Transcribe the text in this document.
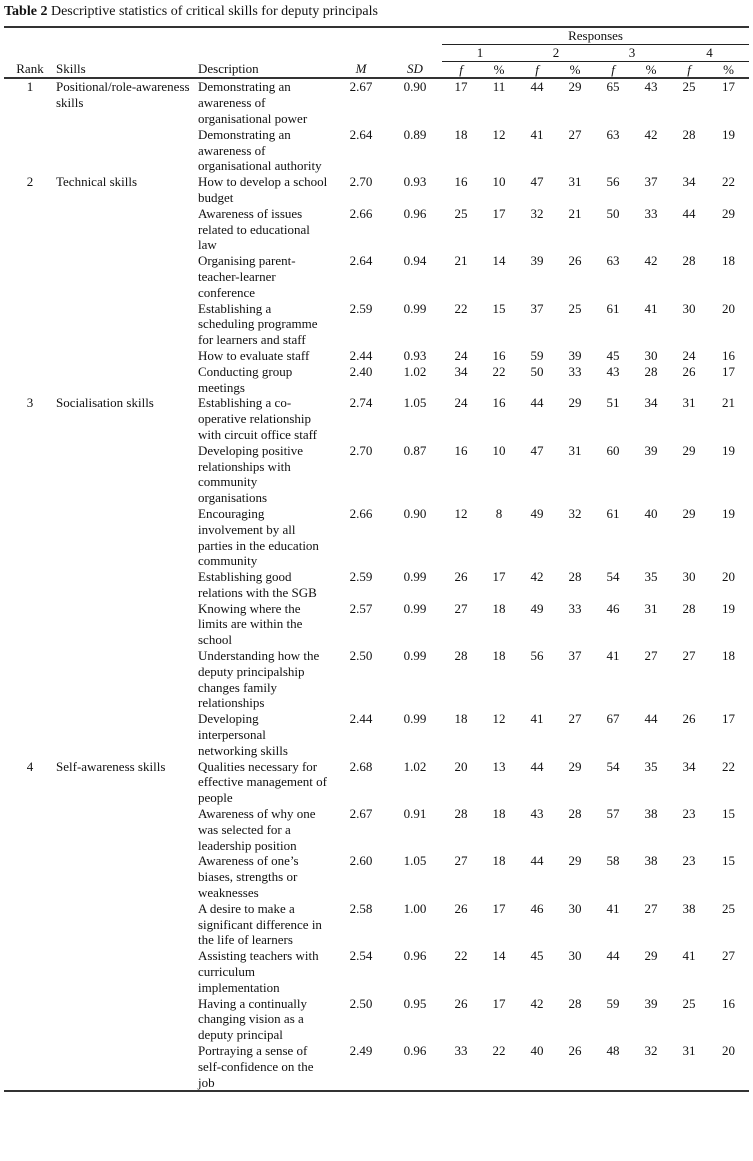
Table 2 Descriptive statistics of critical skills for deputy principals
					Responses							
					1		2		3		4	
Rank	Skills	Description	M	SD	f	%	f	%	f	%	f	%
1	Positional/role-awareness skills	Demonstrating an awareness of organisational power	2.67	0.90	17	11	44	29	65	43	25	17
		Demonstrating an awareness of organisational authority	2.64	0.89	18	12	41	27	63	42	28	19
2	Technical skills	How to develop a school budget	2.70	0.93	16	10	47	31	56	37	34	22
		Awareness of issues related to educational law	2.66	0.96	25	17	32	21	50	33	44	29
		Organising parent-teacher-learner conference	2.64	0.94	21	14	39	26	63	42	28	18
		Establishing a scheduling programme for learners and staff	2.59	0.99	22	15	37	25	61	41	30	20
		How to evaluate staff	2.44	0.93	24	16	59	39	45	30	24	16
		Conducting group meetings	2.40	1.02	34	22	50	33	43	28	26	17
3	Socialisation skills	Establishing a co-operative relationship with circuit office staff	2.74	1.05	24	16	44	29	51	34	31	21
		Developing positive relationships with community organisations	2.70	0.87	16	10	47	31	60	39	29	19
		Encouraging involvement by all parties in the education community	2.66	0.90	12	8	49	32	61	40	29	19
		Establishing good relations with the SGB	2.59	0.99	26	17	42	28	54	35	30	20
		Knowing where the limits are within the school	2.57	0.99	27	18	49	33	46	31	28	19
		Understanding how the deputy principalship changes family relationships	2.50	0.99	28	18	56	37	41	27	27	18
		Developing interpersonal networking skills	2.44	0.99	18	12	41	27	67	44	26	17
4	Self-awareness skills	Qualities necessary for effective management of people	2.68	1.02	20	13	44	29	54	35	34	22
		Awareness of why one was selected for a leadership position	2.67	0.91	28	18	43	28	57	38	23	15
		Awareness of one’s biases, strengths or weaknesses	2.60	1.05	27	18	44	29	58	38	23	15
		A desire to make a significant difference in the life of learners	2.58	1.00	26	17	46	30	41	27	38	25
		Assisting teachers with curriculum implementation	2.54	0.96	22	14	45	30	44	29	41	27
		Having a continually changing vision as a deputy principal	2.50	0.95	26	17	42	28	59	39	25	16
		Portraying a sense of self-confidence on the job	2.49	0.96	33	22	40	26	48	32	31	20
